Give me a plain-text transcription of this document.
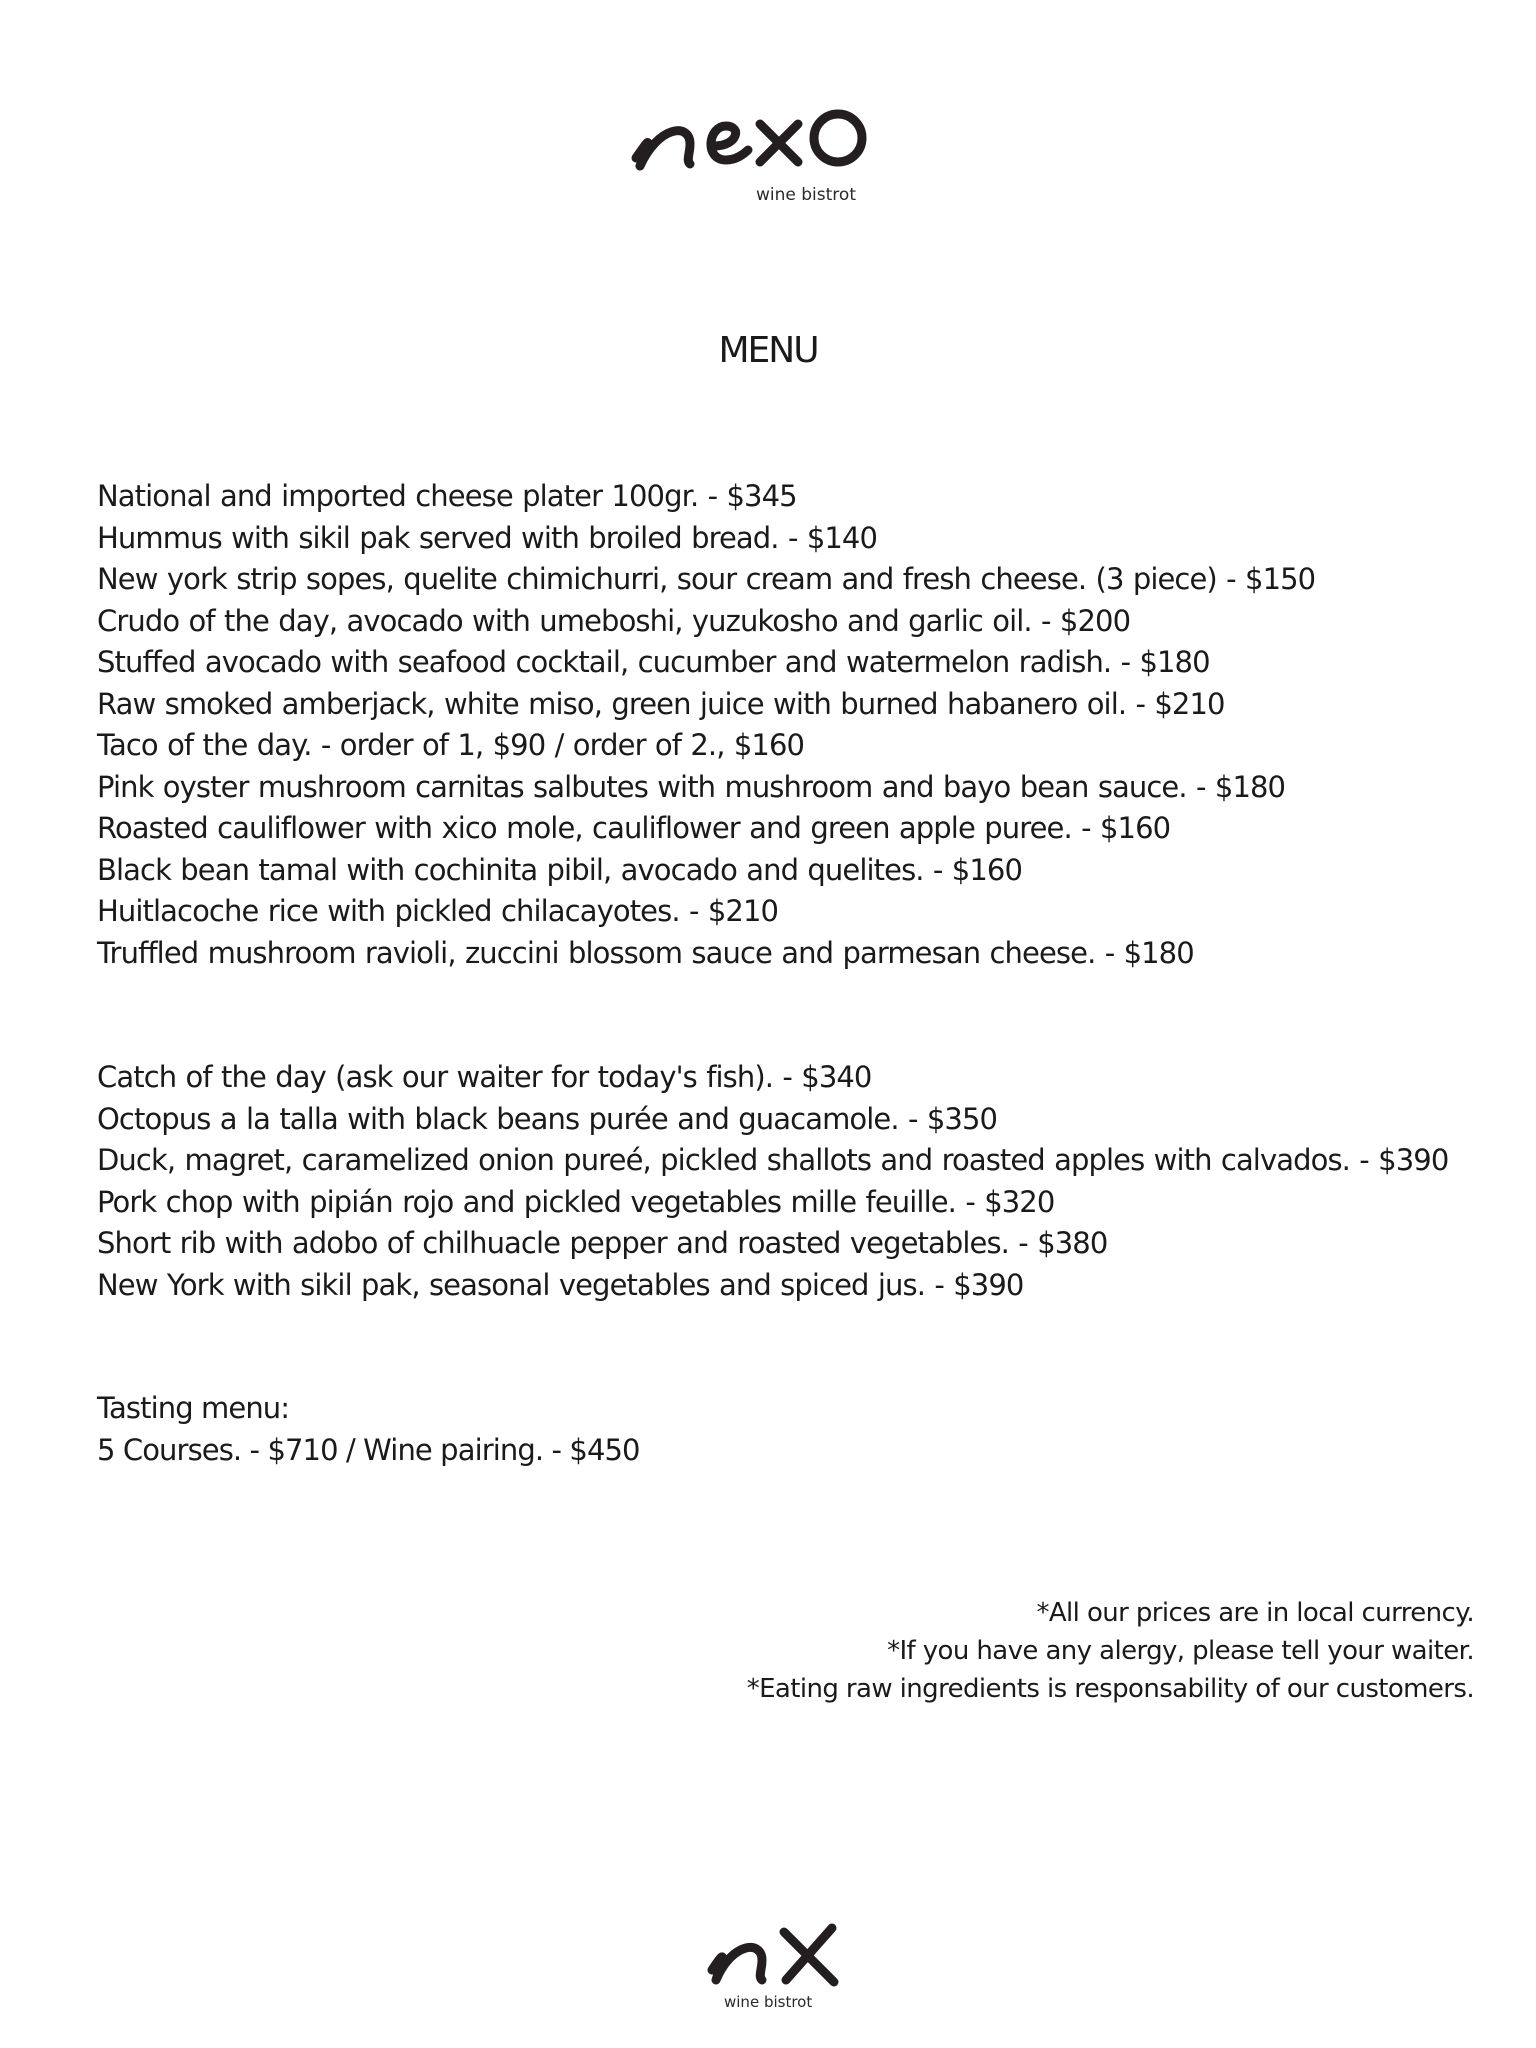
wine bistrot
MENU
National and imported cheese plater 100gr. - $345
Hummus with sikil pak served with broiled bread. - $140
New york strip sopes, quelite chimichurri, sour cream and fresh cheese. (3 piece) - $150
Crudo of the day, avocado with umeboshi, yuzukosho and garlic oil. - $200
Stuffed avocado with seafood cocktail, cucumber and watermelon radish. - $180
Raw smoked amberjack, white miso, green juice with burned habanero oil. - $210
Taco of the day. - order of 1, $90 / order of 2., $160
Pink oyster mushroom carnitas salbutes with mushroom and bayo bean sauce. - $180
Roasted cauliflower with xico mole, cauliflower and green apple puree. - $160
Black bean tamal with cochinita pibil, avocado and quelites. - $160
Huitlacoche rice with pickled chilacayotes. - $210
Truffled mushroom ravioli, zuccini blossom sauce and parmesan cheese. - $180
Catch of the day (ask our waiter for today's fish). - $340
Octopus a la talla with black beans purée and guacamole. - $350
Duck, magret, caramelized onion pureé, pickled shallots and roasted apples with calvados. - $390
Pork chop with pipián rojo and pickled vegetables mille feuille. - $320
Short rib with adobo of chilhuacle pepper and roasted vegetables. - $380
New York with sikil pak, seasonal vegetables and spiced jus. - $390
Tasting menu:
5 Courses. - $710 / Wine pairing. - $450
*All our prices are in local currency.
*If you have any alergy, please tell your waiter.
*Eating raw ingredients is responsability of our customers.
wine bistrot
